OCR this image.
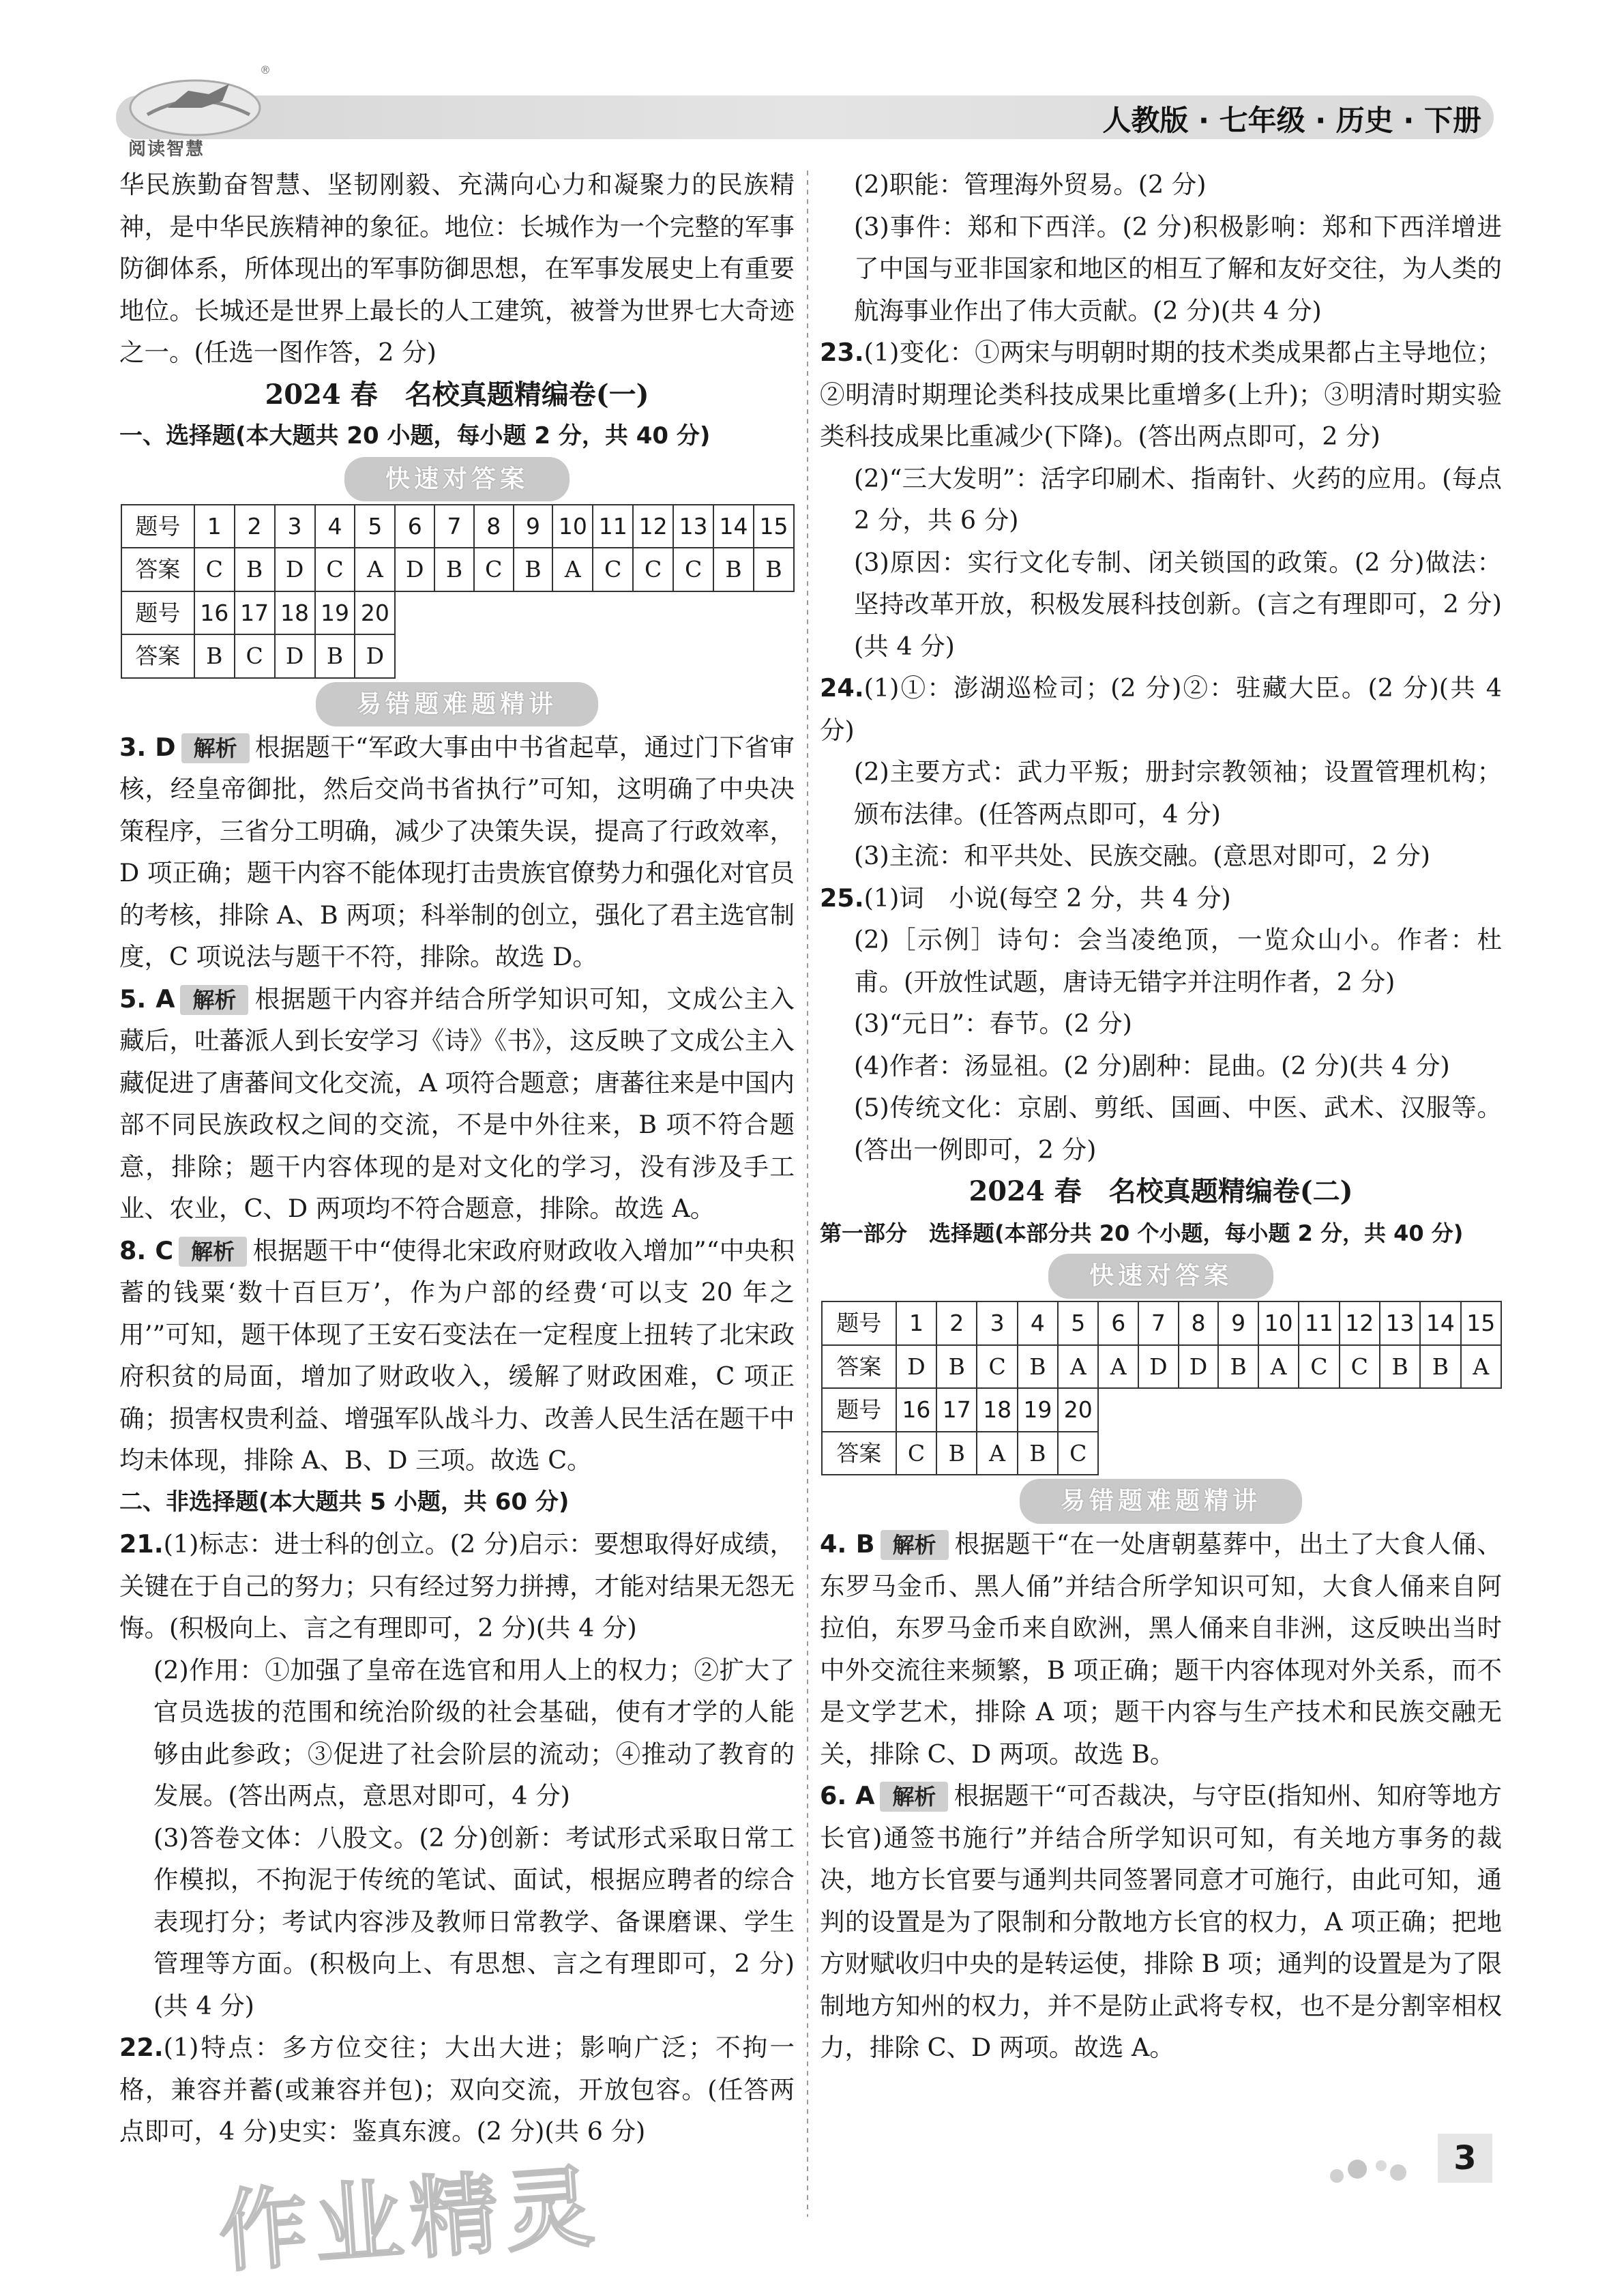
®
阅读智慧
人教版 · 七年级 · 历史 · 下册

华民族勤奋智慧、坚韧刚毅、充满向心力和凝聚力的民族精神，是中华民族精神的象征。地位：长城作为一个完整的军事防御体系，所体现出的军事防御思想，在军事发展史上有重要地位。长城还是世界上最长的人工建筑，被誉为世界七大奇迹之一。(任选一图作答，2 分)

2024 春　名校真题精编卷(一)

一、选择题(本大题共 20 小题，每小题 2 分，共 40 分)

快速对答案
题号	1	2	3	4	5	6	7	8	9	10	11	12	13	14	15
答案	C	B	D	C	A	D	B	C	B	A	C	C	C	B	B
题号	16	17	18	19	20										
答案	B	C	D	B	D										
易错题难题精讲

3. D 解析 根据题干“军政大事由中书省起草，通过门下省审核，经皇帝御批，然后交尚书省执行”可知，这明确了中央决策程序，三省分工明确，减少了决策失误，提高了行政效率，D 项正确；题干内容不能体现打击贵族官僚势力和强化对官员的考核，排除 A、B 两项；科举制的创立，强化了君主选官制度，C 项说法与题干不符，排除。故选 D。

5. A 解析 根据题干内容并结合所学知识可知，文成公主入藏后，吐蕃派人到长安学习《诗》《书》，这反映了文成公主入藏促进了唐蕃间文化交流，A 项符合题意；唐蕃往来是中国内部不同民族政权之间的交流，不是中外往来，B 项不符合题意，排除；题干内容体现的是对文化的学习，没有涉及手工业、农业，C、D 两项均不符合题意，排除。故选 A。

8. C 解析 根据题干中“使得北宋政府财政收入增加”“中央积蓄的钱粟‘数十百巨万’，作为户部的经费‘可以支 20 年之用’”可知，题干体现了王安石变法在一定程度上扭转了北宋政府积贫的局面，增加了财政收入，缓解了财政困难，C 项正确；损害权贵利益、增强军队战斗力、改善人民生活在题干中均未体现，排除 A、B、D 三项。故选 C。

二、非选择题(本大题共 5 小题，共 60 分)

21.(1)标志：进士科的创立。(2 分)启示：要想取得好成绩，关键在于自己的努力；只有经过努力拼搏，才能对结果无怨无悔。(积极向上、言之有理即可，2 分)(共 4 分)

(2)作用：①加强了皇帝在选官和用人上的权力；②扩大了官员选拔的范围和统治阶级的社会基础，使有才学的人能够由此参政；③促进了社会阶层的流动；④推动了教育的发展。(答出两点，意思对即可，4 分)

(3)答卷文体：八股文。(2 分)创新：考试形式采取日常工作模拟，不拘泥于传统的笔试、面试，根据应聘者的综合表现打分；考试内容涉及教师日常教学、备课磨课、学生管理等方面。(积极向上、有思想、言之有理即可，2 分)(共 4 分)

22.(1)特点：多方位交往；大出大进；影响广泛；不拘一格，兼容并蓄(或兼容并包)；双向交流，开放包容。(任答两点即可，4 分)史实：鉴真东渡。(2 分)(共 6 分)

(2)职能：管理海外贸易。(2 分)

(3)事件：郑和下西洋。(2 分)积极影响：郑和下西洋增进了中国与亚非国家和地区的相互了解和友好交往，为人类的航海事业作出了伟大贡献。(2 分)(共 4 分)

23.(1)变化：①两宋与明朝时期的技术类成果都占主导地位；②明清时期理论类科技成果比重增多(上升)；③明清时期实验类科技成果比重减少(下降)。(答出两点即可，2 分)

(2)“三大发明”：活字印刷术、指南针、火药的应用。(每点 2 分，共 6 分)

(3)原因：实行文化专制、闭关锁国的政策。(2 分)做法：坚持改革开放，积极发展科技创新。(言之有理即可，2 分)(共 4 分)

24.(1)①：澎湖巡检司；(2 分)②：驻藏大臣。(2 分)(共 4 分)

(2)主要方式：武力平叛；册封宗教领袖；设置管理机构；颁布法律。(任答两点即可，4 分)

(3)主流：和平共处、民族交融。(意思对即可，2 分)

25.(1)词　小说(每空 2 分，共 4 分)

(2)［示例］诗句：会当凌绝顶，一览众山小。作者：杜甫。(开放性试题，唐诗无错字并注明作者，2 分)

(3)“元日”：春节。(2 分)

(4)作者：汤显祖。(2 分)剧种：昆曲。(2 分)(共 4 分)

(5)传统文化：京剧、剪纸、国画、中医、武术、汉服等。(答出一例即可，2 分)

2024 春　名校真题精编卷(二)

第一部分　选择题(本部分共 20 个小题，每小题 2 分，共 40 分)

快速对答案
题号	1	2	3	4	5	6	7	8	9	10	11	12	13	14	15
答案	D	B	C	B	A	A	D	D	B	A	C	C	B	B	A
题号	16	17	18	19	20										
答案	C	B	A	B	C										
易错题难题精讲

4. B 解析 根据题干“在一处唐朝墓葬中，出土了大食人俑、东罗马金币、黑人俑”并结合所学知识可知，大食人俑来自阿拉伯，东罗马金币来自欧洲，黑人俑来自非洲，这反映出当时中外交流往来频繁，B 项正确；题干内容体现对外关系，而不是文学艺术，排除 A 项；题干内容与生产技术和民族交融无关，排除 C、D 两项。故选 B。

6. A 解析 根据题干“可否裁决，与守臣(指知州、知府等地方长官)通签书施行”并结合所学知识可知，有关地方事务的裁决，地方长官要与通判共同签署同意才可施行，由此可知，通判的设置是为了限制和分散地方长官的权力，A 项正确；把地方财赋收归中央的是转运使，排除 B 项；通判的设置是为了限制地方知州的权力，并不是防止武将专权，也不是分割宰相权力，排除 C、D 两项。故选 A。

作业精灵	3
